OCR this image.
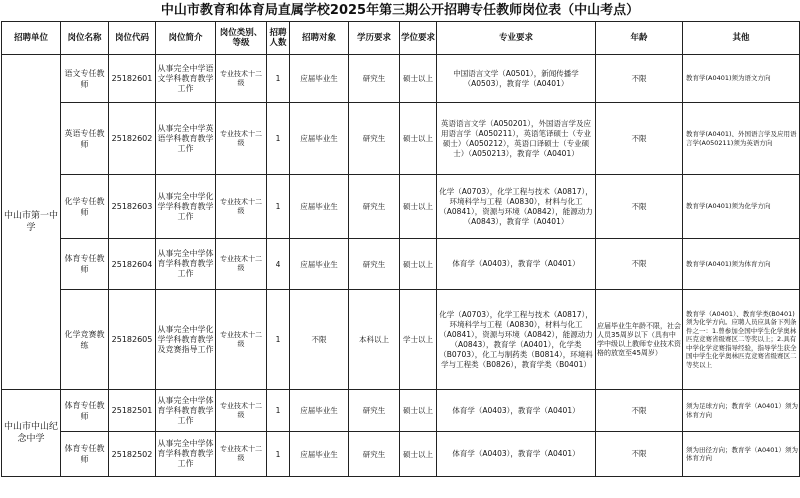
中山市教育和体育局直属学校2025年第三期公开招聘专任教师岗位表（中山考点）
招聘单位	岗位名称	岗位代码	岗位简介	岗位类别、等级	招聘人数	招聘对象	学历要求	学位要求	专业要求	年龄	其他
中山市第一中学	语文专任教师	25182601	从事完全中学语文学科教育教学工作	专业技术十二级	1	应届毕业生	研究生	硕士以上	中国语言文学（A0501），新闻传播学（A0503），教育学（A0401）	不限	教育学(A0401)须为语文方向
	英语专任教师	25182602	从事完全中学英语学科教育教学工作	专业技术十二级	1	应届毕业生	研究生	硕士以上	英语语言文学（A050201），外国语言学及应用语言学（A050211），英语笔译硕士（专业硕士）（A050212），英语口译硕士（专业硕士）（A050213），教育学（A0401）	不限	教育学(A0401)、外国语言学及应用语言学(A050211)须为英语方向
	化学专任教师	25182603	从事完全中学化学学科教育教学工作	专业技术十二级	1	应届毕业生	研究生	硕士以上	化学（A0703），化学工程与技术（A0817），环境科学与工程（A0830），材料与化工（A0841），资源与环境（A0842），能源动力（A0843），教育学（A0401）	不限	教育学(A0401)须为化学方向
	体育专任教师	25182604	从事完全中学体育学科教育教学工作	专业技术十二级	4	应届毕业生	研究生	硕士以上	体育学（A0403），教育学（A0401）	不限	教育学(A0401)须为体育方向
	化学竞赛教练	25182605	从事完全中学化学学科教育教学及竞赛指导工作	专业技术十二级	1	不限	本科以上	学士以上	化学（A0703），化学工程与技术（A0817），环境科学与工程（A0830），材料与化工（A0841），资源与环境（A0842），能源动力（A0843），教育学（A0401），化学类（B0703），化工与制药类（B0814），环境科学与工程类（B0826），教育学类（B0401）	应届毕业生年龄不限，社会人员35周岁以下（具有中学中级以上教师专业技术资格的放宽至45周岁）	教育学（A0401）、教育学类(B0401)须为化学方向。应聘人员应具备下列条件之一：1.曾参加全国中学生化学奥林匹克竞赛省级赛区二等奖以上；2.具有中学化学竞赛指导经验，指导学生获全国中学生化学奥林匹克竞赛省级赛区二等奖以上
中山市中山纪念中学	体育专任教师	25182501	从事完全中学体育学科教育教学工作	专业技术十二级	1	应届毕业生	研究生	硕士以上	体育学（A0403），教育学（A0401）	不限	须为足球方向；教育学（A0401）须为体育方向
	体育专任教师	25182502	从事完全中学体育学科教育教学工作	专业技术十二级	1	应届毕业生	研究生	硕士以上	体育学（A0403），教育学（A0401）	不限	须为田径方向；教育学（A0401）须为体育方向
